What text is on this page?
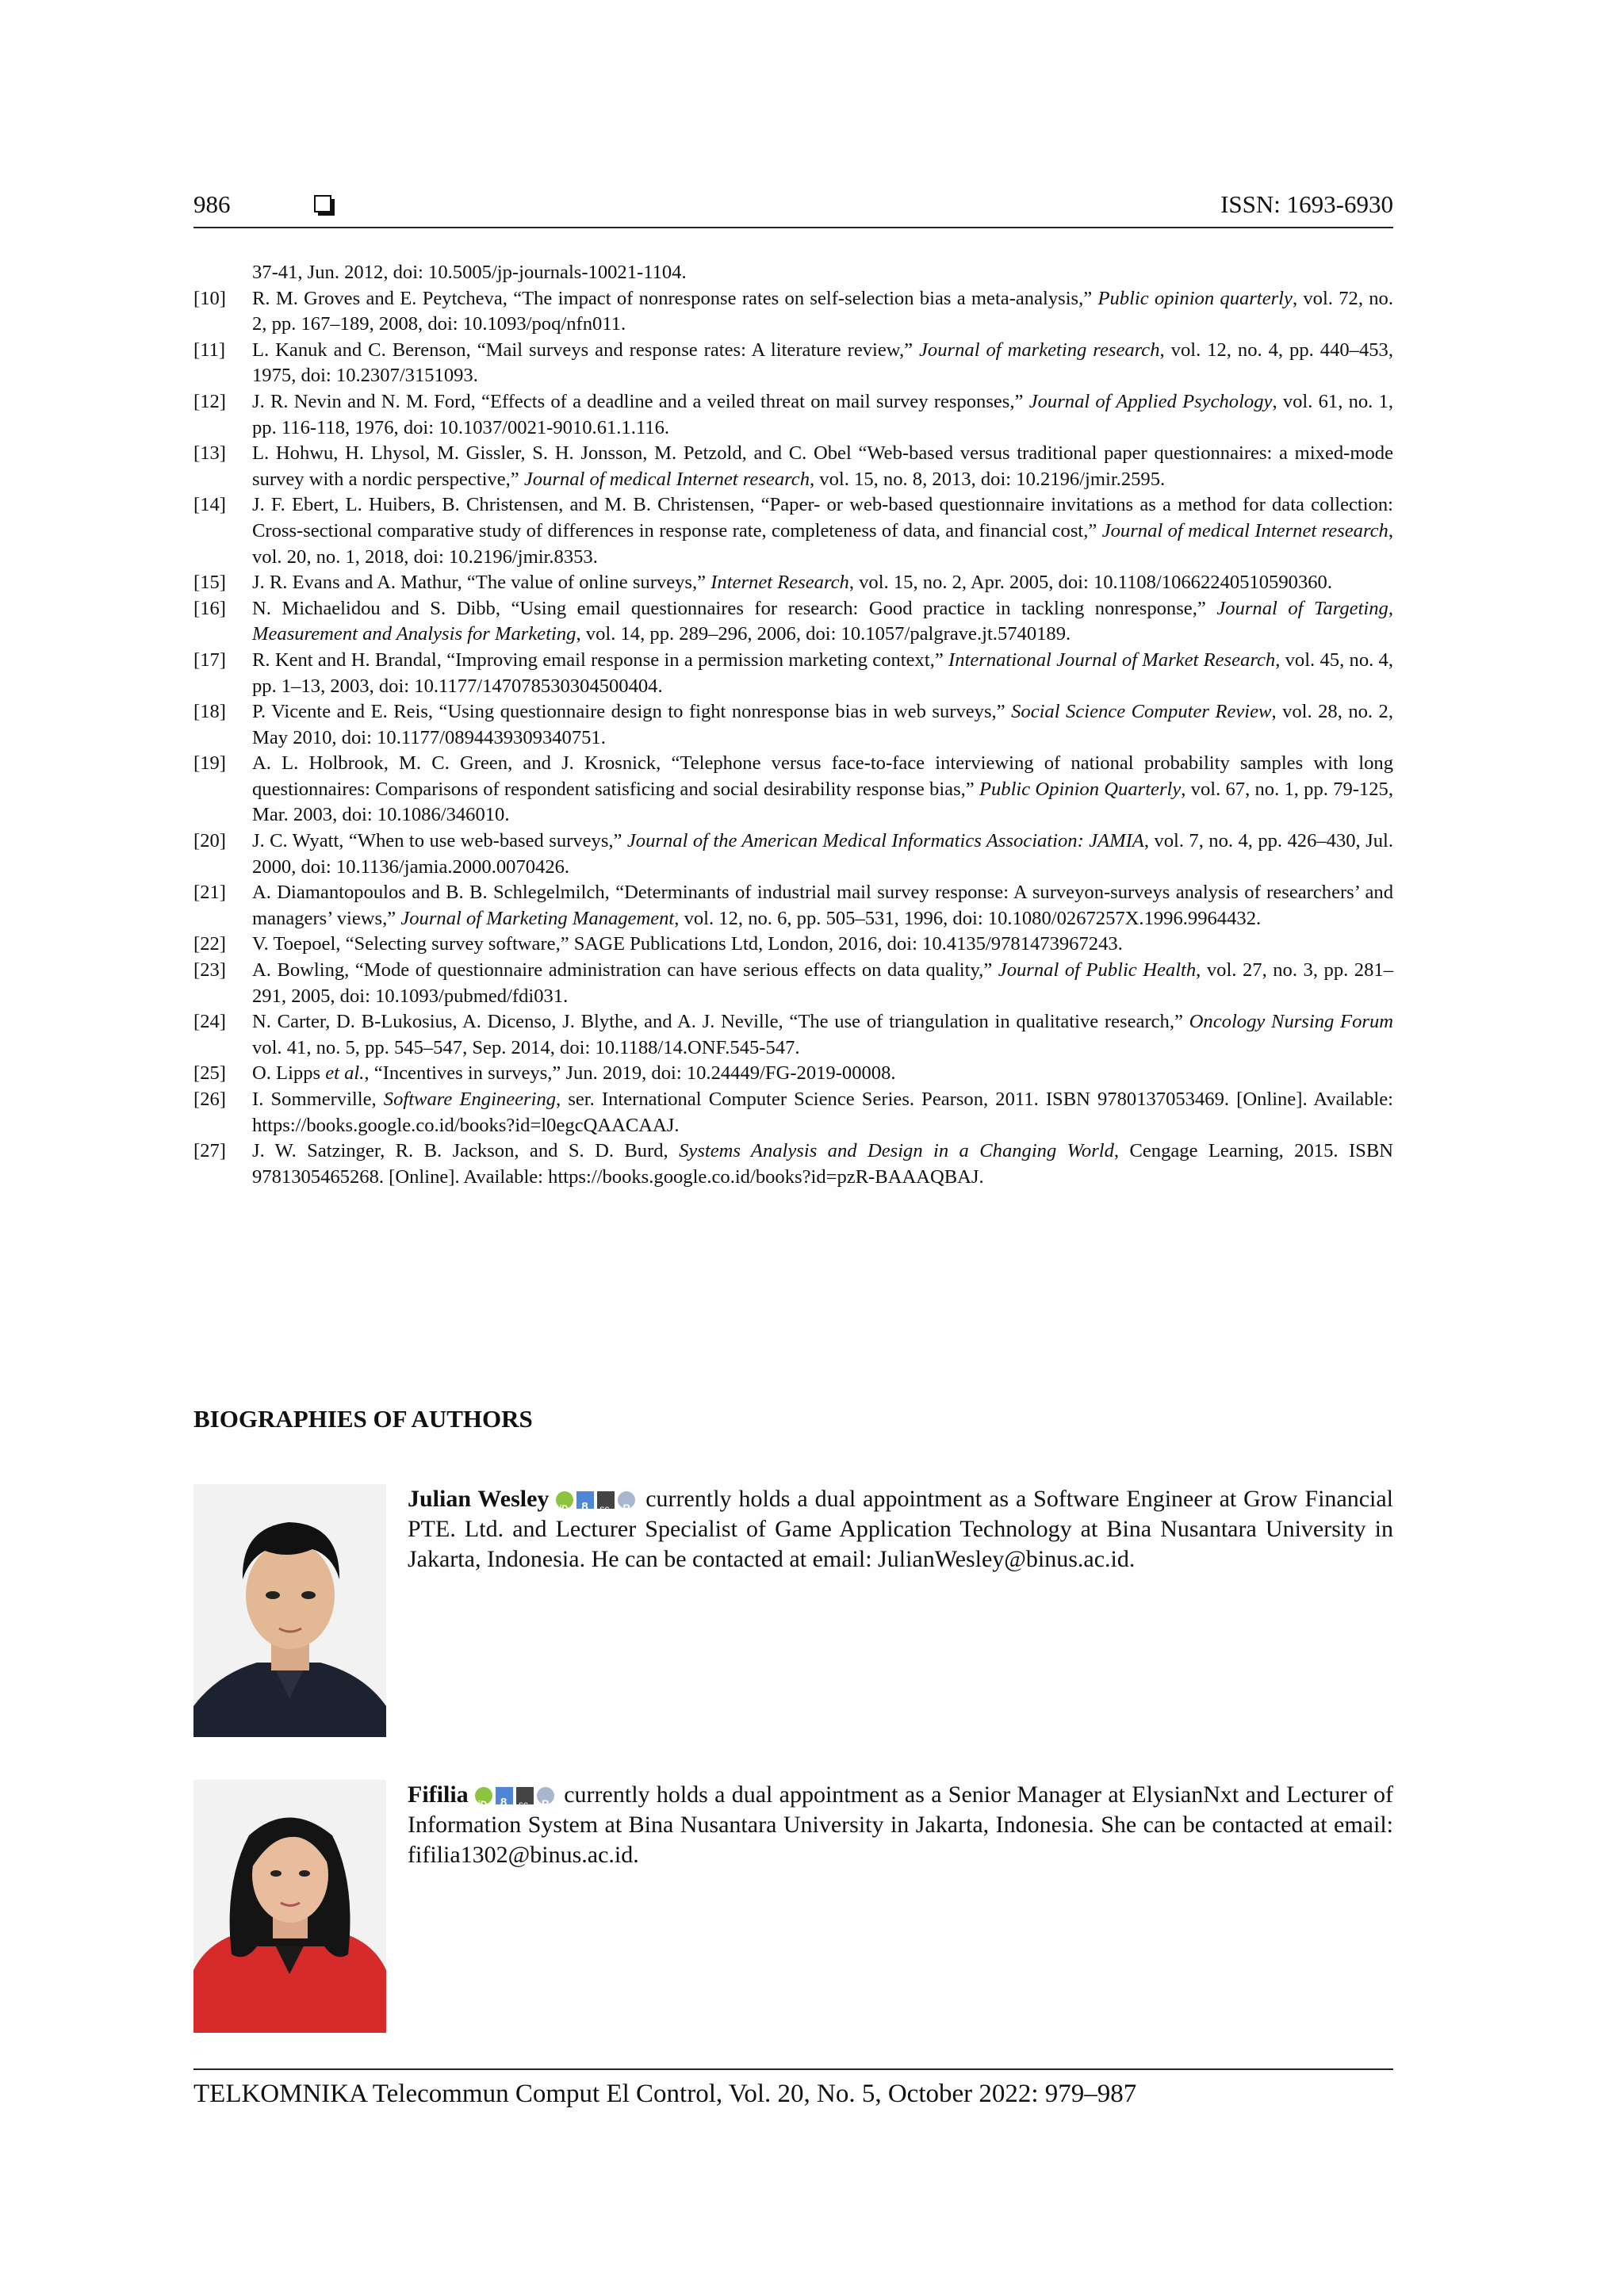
986	ISSN: 1693-6930
37-41, Jun. 2012, doi: 10.5005/jp-journals-10021-1104.
[10]	R. M. Groves and E. Peytcheva, “The impact of nonresponse rates on self-selection bias a meta-analysis,” Public opinion quarterly, vol. 72, no. 2, pp. 167–189, 2008, doi: 10.1093/poq/nfn011.
[11]	L. Kanuk and C. Berenson, “Mail surveys and response rates: A literature review,” Journal of marketing research, vol. 12, no. 4, pp. 440–453, 1975, doi: 10.2307/3151093.
[12]	J. R. Nevin and N. M. Ford, “Effects of a deadline and a veiled threat on mail survey responses,” Journal of Applied Psychology, vol. 61, no. 1, pp. 116-118, 1976, doi: 10.1037/0021-9010.61.1.116.
[13]	L. Hohwu, H. Lhysol, M. Gissler, S. H. Jonsson, M. Petzold, and C. Obel “Web-based versus traditional paper questionnaires: a mixed-mode survey with a nordic perspective,” Journal of medical Internet research, vol. 15, no. 8, 2013, doi: 10.2196/jmir.2595.
[14]	J. F. Ebert, L. Huibers, B. Christensen, and M. B. Christensen, “Paper- or web-based questionnaire invitations as a method for data collection: Cross-sectional comparative study of differences in response rate, completeness of data, and financial cost,” Journal of medical Internet research, vol. 20, no. 1, 2018, doi: 10.2196/jmir.8353.
[15]	J. R. Evans and A. Mathur, “The value of online surveys,” Internet Research, vol. 15, no. 2, Apr. 2005, doi: 10.1108/10662240510590360.
[16]	N. Michaelidou and S. Dibb, “Using email questionnaires for research: Good practice in tackling nonresponse,” Journal of Targeting, Measurement and Analysis for Marketing, vol. 14, pp. 289–296, 2006, doi: 10.1057/palgrave.jt.5740189.
[17]	R. Kent and H. Brandal, “Improving email response in a permission marketing context,” International Journal of Market Research, vol. 45, no. 4, pp. 1–13, 2003, doi: 10.1177/147078530304500404.
[18]	P. Vicente and E. Reis, “Using questionnaire design to fight nonresponse bias in web surveys,” Social Science Computer Review, vol. 28, no. 2, May 2010, doi: 10.1177/0894439309340751.
[19]	A. L. Holbrook, M. C. Green, and J. Krosnick, “Telephone versus face-to-face interviewing of national probability samples with long questionnaires: Comparisons of respondent satisficing and social desirability response bias,” Public Opinion Quarterly, vol. 67, no. 1, pp. 79-125, Mar. 2003, doi: 10.1086/346010.
[20]	J. C. Wyatt, “When to use web-based surveys,” Journal of the American Medical Informatics Association: JAMIA, vol. 7, no. 4, pp. 426–430, Jul. 2000, doi: 10.1136/jamia.2000.0070426.
[21]	A. Diamantopoulos and B. B. Schlegelmilch, “Determinants of industrial mail survey response: A surveyon-surveys analysis of researchers’ and managers’ views,” Journal of Marketing Management, vol. 12, no. 6, pp. 505–531, 1996, doi: 10.1080/0267257X.1996.9964432.
[22]	V. Toepoel, “Selecting survey software,” SAGE Publications Ltd, London, 2016, doi: 10.4135/9781473967243.
[23]	A. Bowling, “Mode of questionnaire administration can have serious effects on data quality,” Journal of Public Health, vol. 27, no. 3, pp. 281–291, 2005, doi: 10.1093/pubmed/fdi031.
[24]	N. Carter, D. B-Lukosius, A. Dicenso, J. Blythe, and A. J. Neville, “The use of triangulation in qualitative research,” Oncology Nursing Forum vol. 41, no. 5, pp. 545–547, Sep. 2014, doi: 10.1188/14.ONF.545-547.
[25]	O. Lipps et al., “Incentives in surveys,” Jun. 2019, doi: 10.24449/FG-2019-00008.
[26]	I. Sommerville, Software Engineering, ser. International Computer Science Series. Pearson, 2011. ISBN 9780137053469. [Online]. Available: https://books.google.co.id/books?id=l0egcQAACAAJ.
[27]	J. W. Satzinger, R. B. Jackson, and S. D. Burd, Systems Analysis and Design in a Changing World, Cengage Learning, 2015. ISBN 9781305465268. [Online]. Available: https://books.google.co.id/books?id=pzR-BAAAQBAJ.
BIOGRAPHIES OF AUTHORS
Julian Wesley iD 8 sc P	currently holds a dual appointment as a Software Engineer at Grow Financial PTE. Ltd. and Lecturer Specialist of Game Application Technology at Bina Nusantara University in Jakarta, Indonesia. He can be contacted at email: JulianWesley@binus.ac.id.
Fifilia iD 8 sc P	currently holds a dual appointment as a Senior Manager at ElysianNxt and Lecturer of Information System at Bina Nusantara University in Jakarta, Indonesia. She can be contacted at email: fifilia1302@binus.ac.id.
TELKOMNIKA Telecommun Comput El Control, Vol. 20, No. 5, October 2022: 979–987
